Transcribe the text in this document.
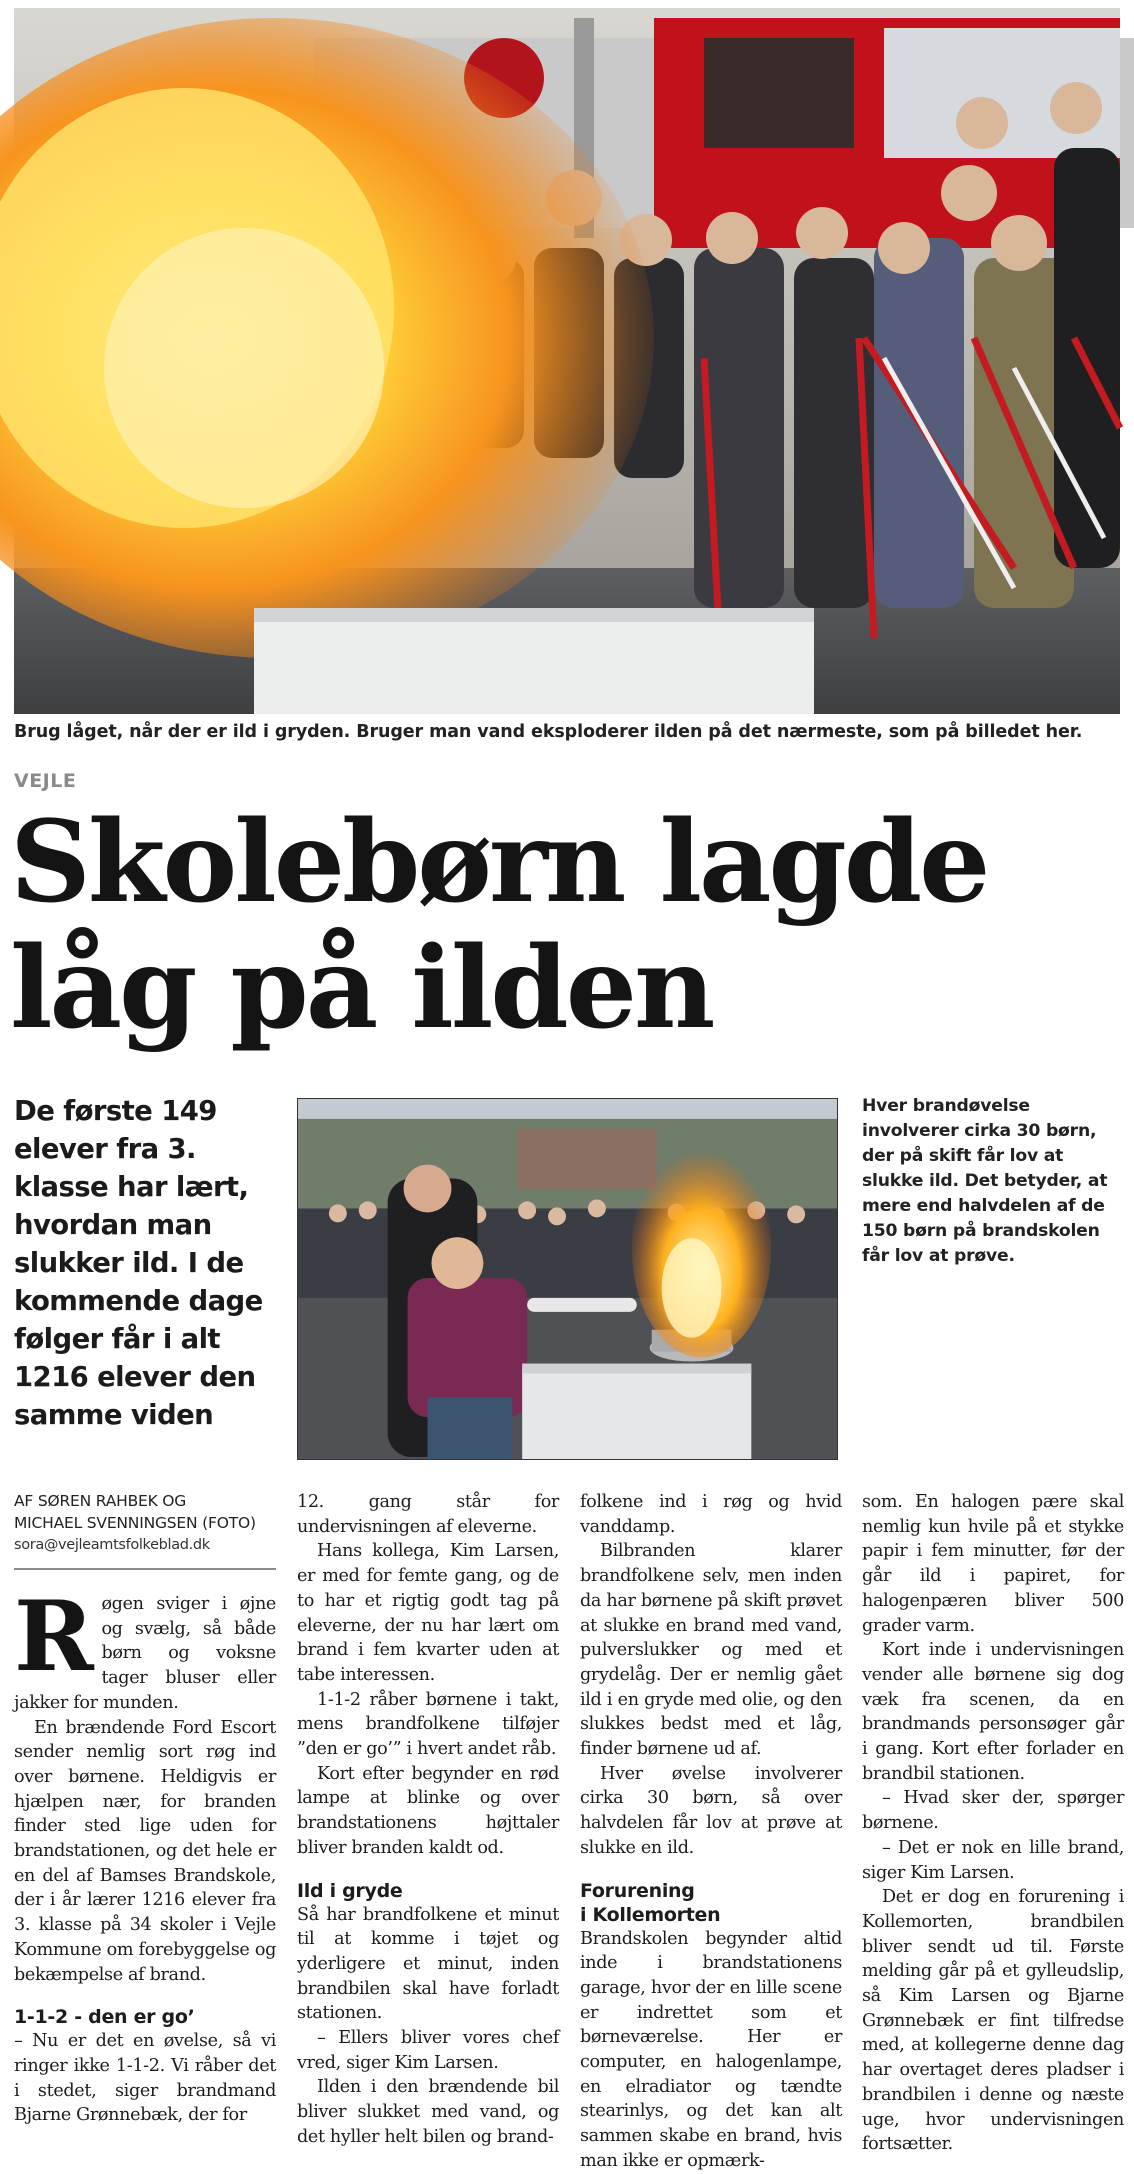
Brug låget, når der er ild i gryden. Bruger man vand eksploderer ilden på det nærmeste, som på billedet her.
VEJLE
Skolebørn lagde
låg på ilden
De første 149 elever fra 3. klasse har lært, hvordan man slukker ild. I de kommende dage følger får i alt 1216 elever den samme viden
Hver brandøvelse involverer cirka 30 børn, der på skift får lov at slukke ild. Det betyder, at mere end halvdelen af de 150 børn på brandskolen får lov at prøve.
AF SØREN RAHBEK OG
MICHAEL SVENNINGSEN (FOTO)
sora@vejleamtsfolkeblad.dk

Røgen sviger i øjne og svælg, så både børn og voksne tager bluser eller jakker for munden.

En brændende Ford Escort sender nemlig sort røg ind over børnene. Heldigvis er hjælpen nær, for branden finder sted lige uden for brandstationen, og det hele er en del af Bamses Brandskole, der i år lærer 1216 elever fra 3. klasse på 34 skoler i Vejle Kommune om forebyggelse og bekæmpelse af brand.

1-1-2 - den er go’

– Nu er det en øvelse, så vi ringer ikke 1-1-2. Vi råber det i stedet, siger brandmand Bjarne Grønnebæk, der for

12. gang står for undervisningen af eleverne.

Hans kollega, Kim Larsen, er med for femte gang, og de to har et rigtig godt tag på eleverne, der nu har lært om brand i fem kvarter uden at tabe interessen.

1-1-2 råber børnene i takt, mens brandfolkene tilføjer ”den er go’” i hvert andet råb.

Kort efter begynder en rød lampe at blinke og over brandstationens højttaler bliver branden kaldt od.

Ild i gryde

Så har brandfolkene et minut til at komme i tøjet og yderligere et minut, inden brandbilen skal have forladt stationen.

– Ellers bliver vores chef vred, siger Kim Larsen.

Ilden i den brændende bil bliver slukket med vand, og det hyller helt bilen og brand-

folkene ind i røg og hvid vanddamp.

Bilbranden klarer brandfolkene selv, men inden da har børnene på skift prøvet at slukke en brand med vand, pulverslukker og med et grydelåg. Der er nemlig gået ild i en gryde med olie, og den slukkes bedst med et låg, finder børnene ud af.

Hver øvelse involverer cirka 30 børn, så over halvdelen får lov at prøve at slukke en ild.

Forurening
i Kollemorten

Brandskolen begynder altid inde i brandstationens garage, hvor der en lille scene er indrettet som et børneværelse. Her er computer, en halogenlampe, en elradiator og tændte stearinlys, og det kan alt sammen skabe en brand, hvis man ikke er opmærk-

som. En halogen pære skal nemlig kun hvile på et stykke papir i fem minutter, før der går ild i papiret, for halogenpæren bliver 500 grader varm.

Kort inde i undervisningen vender alle børnene sig dog væk fra scenen, da en brandmands personsøger går i gang. Kort efter forlader en brandbil stationen.

– Hvad sker der, spørger børnene.

– Det er nok en lille brand, siger Kim Larsen.

Det er dog en forurening i Kollemorten, brandbilen bliver sendt ud til. Første melding går på et gylleudslip, så Kim Larsen og Bjarne Grønnebæk er fint tilfredse med, at kollegerne denne dag har overtaget deres pladser i brandbilen i denne og næste uge, hvor undervisningen fortsætter.
